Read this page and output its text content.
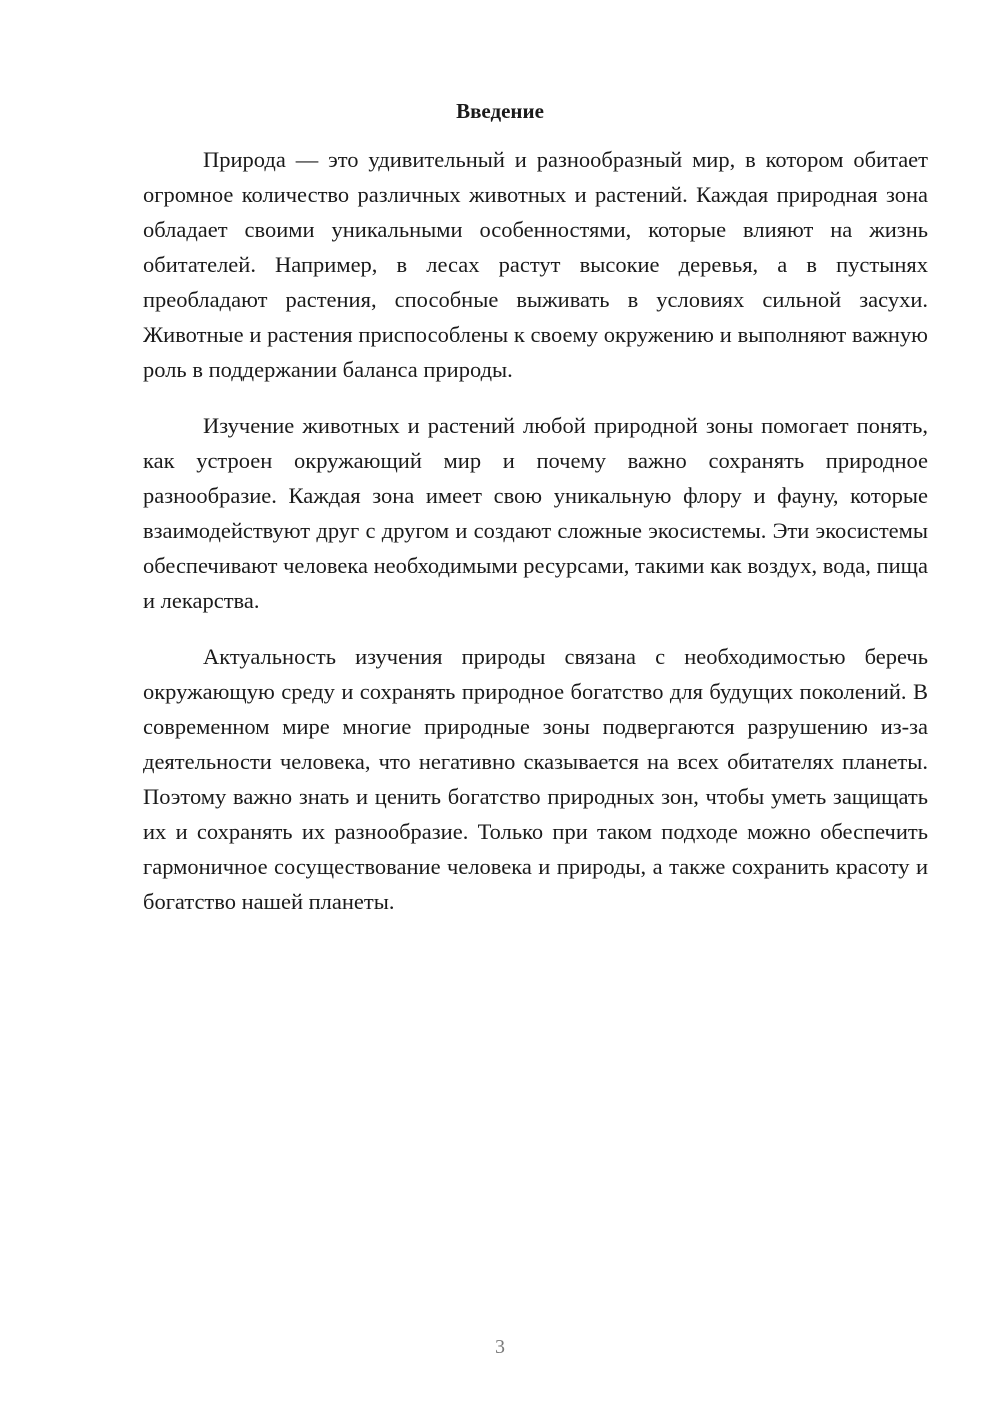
Введение

Природа — это удивительный и разнообразный мир, в котором обитает огромное количество различных животных и растений. Каждая природная зона обладает своими уникальными особенностями, которые влияют на жизнь обитателей. Например, в лесах растут высокие деревья, а в пустынях преобладают растения, способные выживать в условиях сильной засухи. Животные и растения приспособлены к своему окружению и выполняют важную роль в поддержании баланса природы.

Изучение животных и растений любой природной зоны помогает понять, как устроен окружающий мир и почему важно сохранять природное разнообразие. Каждая зона имеет свою уникальную флору и фауну, которые взаимодействуют друг с другом и создают сложные экосистемы. Эти экосистемы обеспечивают человека необходимыми ресурсами, такими как воздух, вода, пища и лекарства.

Актуальность изучения природы связана с необходимостью беречь окружающую среду и сохранять природное богатство для будущих поколений. В современном мире многие природные зоны подвергаются разрушению из-за деятельности человека, что негативно сказывается на всех обитателях планеты. Поэтому важно знать и ценить богатство природных зон, чтобы уметь защищать их и сохранять их разнообразие. Только при таком подходе можно обеспечить гармоничное сосуществование человека и природы, а также сохранить красоту и богатство нашей планеты.

3
